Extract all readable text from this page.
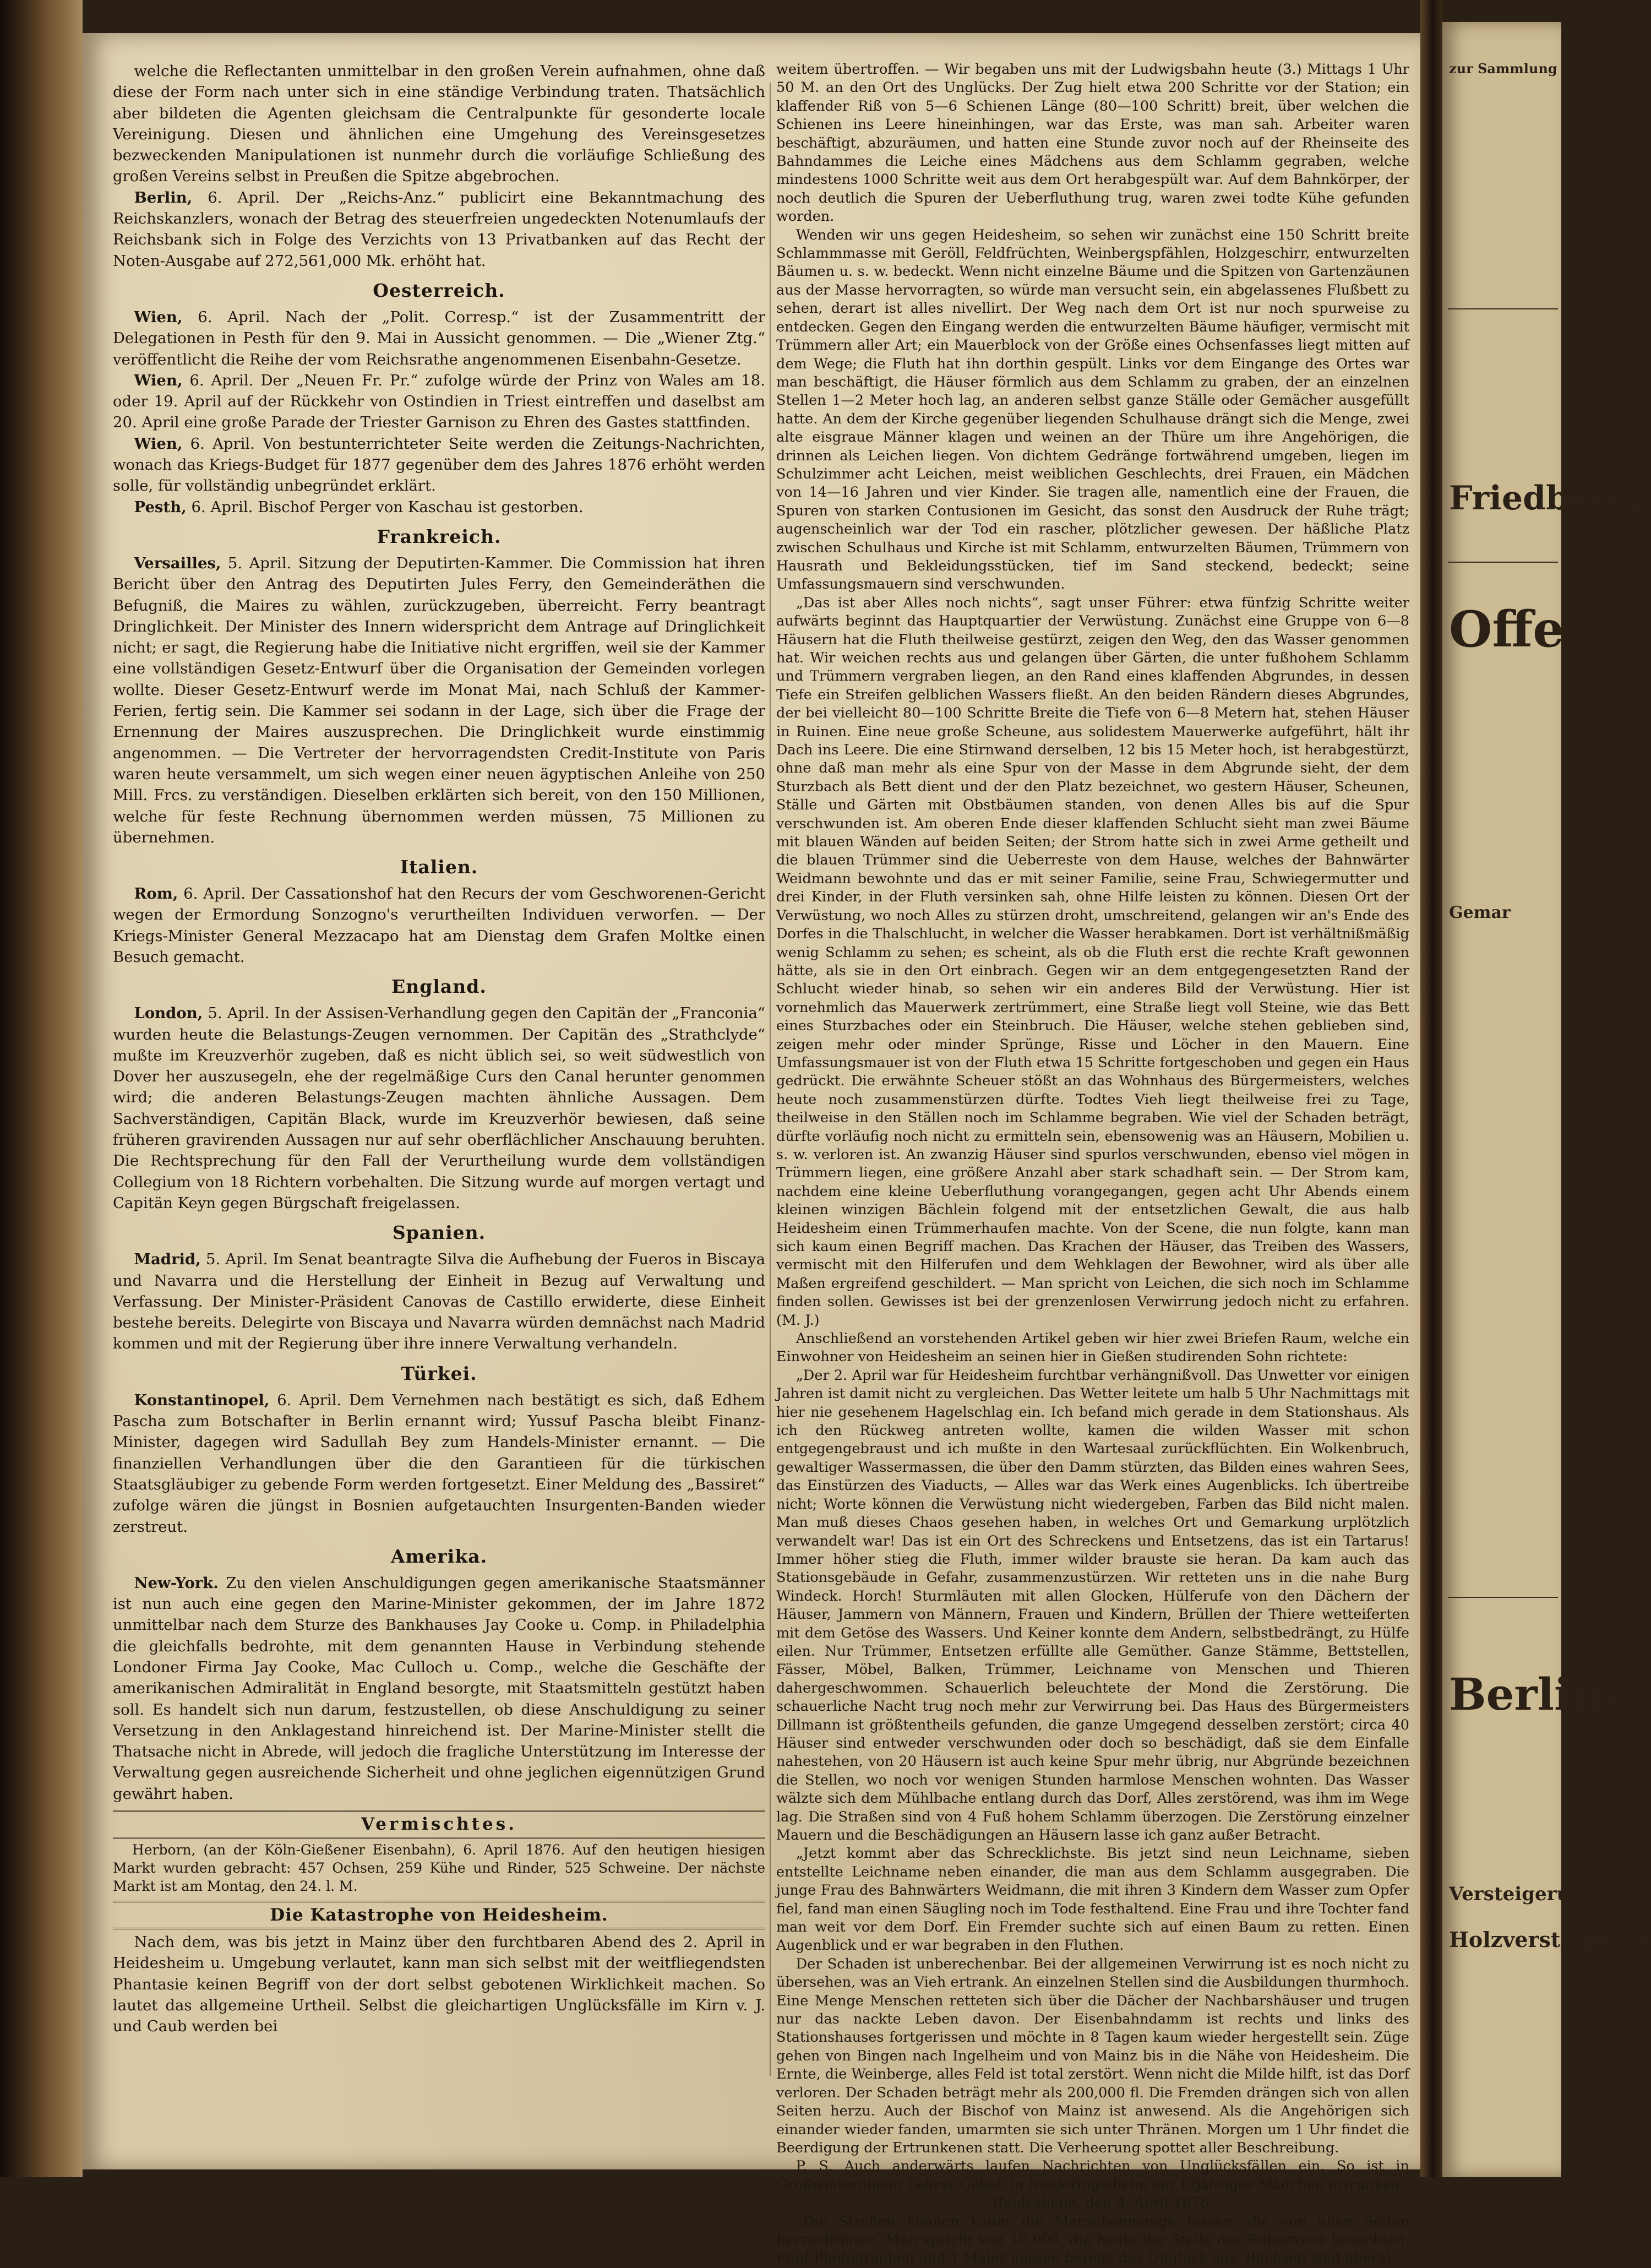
welche die Reflectanten unmittelbar in den großen Verein aufnahmen, ohne daß diese der Form nach unter sich in eine ständige Verbindung traten. Thatsächlich aber bildeten die Agenten gleichsam die Centralpunkte für gesonderte locale Vereinigung. Diesen und ähnlichen eine Umgehung des Vereinsgesetzes bezweckenden Manipulationen ist nunmehr durch die vorläufige Schließung des großen Vereins selbst in Preußen die Spitze abgebrochen.

Berlin, 6. April. Der „Reichs-Anz.“ publicirt eine Bekanntmachung des Reichskanzlers, wonach der Betrag des steuerfreien ungedeckten Notenumlaufs der Reichsbank sich in Folge des Verzichts von 13 Privatbanken auf das Recht der Noten-Ausgabe auf 272,561,000 Mk. erhöht hat.

Oesterreich.

Wien, 6. April. Nach der „Polit. Corresp.“ ist der Zusammentritt der Delegationen in Pesth für den 9. Mai in Aussicht genommen. — Die „Wiener Ztg.“ veröffentlicht die Reihe der vom Reichsrathe angenommenen Eisenbahn-Gesetze.

Wien, 6. April. Der „Neuen Fr. Pr.“ zufolge würde der Prinz von Wales am 18. oder 19. April auf der Rückkehr von Ostindien in Triest eintreffen und daselbst am 20. April eine große Parade der Triester Garnison zu Ehren des Gastes stattfinden.

Wien, 6. April. Von bestunterrichteter Seite werden die Zeitungs-Nachrichten, wonach das Kriegs-Budget für 1877 gegenüber dem des Jahres 1876 erhöht werden solle, für vollständig unbegründet erklärt.

Pesth, 6. April. Bischof Perger von Kaschau ist gestorben.

Frankreich.

Versailles, 5. April. Sitzung der Deputirten-Kammer. Die Commission hat ihren Bericht über den Antrag des Deputirten Jules Ferry, den Gemeinderäthen die Befugniß, die Maires zu wählen, zurückzugeben, überreicht. Ferry beantragt Dringlichkeit. Der Minister des Innern widerspricht dem Antrage auf Dringlichkeit nicht; er sagt, die Regierung habe die Initiative nicht ergriffen, weil sie der Kammer eine vollständigen Gesetz-Entwurf über die Organisation der Gemeinden vorlegen wollte. Dieser Gesetz-Entwurf werde im Monat Mai, nach Schluß der Kammer-Ferien, fertig sein. Die Kammer sei sodann in der Lage, sich über die Frage der Ernennung der Maires auszusprechen. Die Dringlichkeit wurde einstimmig angenommen. — Die Vertreter der hervorragendsten Credit-Institute von Paris waren heute versammelt, um sich wegen einer neuen ägyptischen Anleihe von 250 Mill. Frcs. zu verständigen. Dieselben erklärten sich bereit, von den 150 Millionen, welche für feste Rechnung übernommen werden müssen, 75 Millionen zu übernehmen.

Italien.

Rom, 6. April. Der Cassationshof hat den Recurs der vom Geschworenen-Gericht wegen der Ermordung Sonzogno's verurtheilten Individuen verworfen. — Der Kriegs-Minister General Mezzacapo hat am Dienstag dem Grafen Moltke einen Besuch gemacht.

England.

London, 5. April. In der Assisen-Verhandlung gegen den Capitän der „Franconia“ wurden heute die Belastungs-Zeugen vernommen. Der Capitän des „Strathclyde“ mußte im Kreuzverhör zugeben, daß es nicht üblich sei, so weit südwestlich von Dover her auszusegeln, ehe der regelmäßige Curs den Canal herunter genommen wird; die anderen Belastungs-Zeugen machten ähnliche Aussagen. Dem Sachverständigen, Capitän Black, wurde im Kreuzverhör bewiesen, daß seine früheren gravirenden Aussagen nur auf sehr oberflächlicher Anschauung beruhten. Die Rechtsprechung für den Fall der Verurtheilung wurde dem vollständigen Collegium von 18 Richtern vorbehalten. Die Sitzung wurde auf morgen vertagt und Capitän Keyn gegen Bürgschaft freigelassen.

Spanien.

Madrid, 5. April. Im Senat beantragte Silva die Aufhebung der Fueros in Biscaya und Navarra und die Herstellung der Einheit in Bezug auf Verwaltung und Verfassung. Der Minister-Präsident Canovas de Castillo erwiderte, diese Einheit bestehe bereits. Delegirte von Biscaya und Navarra würden demnächst nach Madrid kommen und mit der Regierung über ihre innere Verwaltung verhandeln.

Türkei.

Konstantinopel, 6. April. Dem Vernehmen nach bestätigt es sich, daß Edhem Pascha zum Botschafter in Berlin ernannt wird; Yussuf Pascha bleibt Finanz-Minister, dagegen wird Sadullah Bey zum Handels-Minister ernannt. — Die finanziellen Verhandlungen über die den Garantieen für die türkischen Staatsgläubiger zu gebende Form werden fortgesetzt. Einer Meldung des „Bassiret“ zufolge wären die jüngst in Bosnien aufgetauchten Insurgenten-Banden wieder zerstreut.

Amerika.

New-York. Zu den vielen Anschuldigungen gegen amerikanische Staatsmänner ist nun auch eine gegen den Marine-Minister gekommen, der im Jahre 1872 unmittelbar nach dem Sturze des Bankhauses Jay Cooke u. Comp. in Philadelphia die gleichfalls bedrohte, mit dem genannten Hause in Verbindung stehende Londoner Firma Jay Cooke, Mac Culloch u. Comp., welche die Geschäfte der amerikanischen Admiralität in England besorgte, mit Staatsmitteln gestützt haben soll. Es handelt sich nun darum, festzustellen, ob diese Anschuldigung zu seiner Versetzung in den Anklagestand hinreichend ist. Der Marine-Minister stellt die Thatsache nicht in Abrede, will jedoch die fragliche Unterstützung im Interesse der Verwaltung gegen ausreichende Sicherheit und ohne jeglichen eigennützigen Grund gewährt haben.

Vermischtes.

Herborn, (an der Köln-Gießener Eisenbahn), 6. April 1876. Auf den heutigen hiesigen Markt wurden gebracht: 457 Ochsen, 259 Kühe und Rinder, 525 Schweine. Der nächste Markt ist am Montag, den 24. l. M.

Die Katastrophe von Heidesheim.

Nach dem, was bis jetzt in Mainz über den furchtbaren Abend des 2. April in Heidesheim u. Umgebung verlautet, kann man sich selbst mit der weitfliegendsten Phantasie keinen Begriff von der dort selbst gebotenen Wirklichkeit machen. So lautet das allgemeine Urtheil. Selbst die gleichartigen Unglücksfälle im Kirn v. J. und Caub werden bei

weitem übertroffen. — Wir begaben uns mit der Ludwigsbahn heute (3.) Mittags 1 Uhr 50 M. an den Ort des Unglücks. Der Zug hielt etwa 200 Schritte vor der Station; ein klaffender Riß von 5—6 Schienen Länge (80—100 Schritt) breit, über welchen die Schienen ins Leere hineinhingen, war das Erste, was man sah. Arbeiter waren beschäftigt, abzuräumen, und hatten eine Stunde zuvor noch auf der Rheinseite des Bahndammes die Leiche eines Mädchens aus dem Schlamm gegraben, welche mindestens 1000 Schritte weit aus dem Ort herabgespült war. Auf dem Bahnkörper, der noch deutlich die Spuren der Ueberfluthung trug, waren zwei todte Kühe gefunden worden.

Wenden wir uns gegen Heidesheim, so sehen wir zunächst eine 150 Schritt breite Schlammmasse mit Geröll, Feldfrüchten, Weinbergspfählen, Holzgeschirr, entwurzelten Bäumen u. s. w. bedeckt. Wenn nicht einzelne Bäume und die Spitzen von Gartenzäunen aus der Masse hervorragten, so würde man versucht sein, ein abgelassenes Flußbett zu sehen, derart ist alles nivellirt. Der Weg nach dem Ort ist nur noch spurweise zu entdecken. Gegen den Eingang werden die entwurzelten Bäume häufiger, vermischt mit Trümmern aller Art; ein Mauerblock von der Größe eines Ochsenfasses liegt mitten auf dem Wege; die Fluth hat ihn dorthin gespült. Links vor dem Eingange des Ortes war man beschäftigt, die Häuser förmlich aus dem Schlamm zu graben, der an einzelnen Stellen 1—2 Meter hoch lag, an anderen selbst ganze Ställe oder Gemächer ausgefüllt hatte. An dem der Kirche gegenüber liegenden Schulhause drängt sich die Menge, zwei alte eisgraue Männer klagen und weinen an der Thüre um ihre Angehörigen, die drinnen als Leichen liegen. Von dichtem Gedränge fortwährend umgeben, liegen im Schulzimmer acht Leichen, meist weiblichen Geschlechts, drei Frauen, ein Mädchen von 14—16 Jahren und vier Kinder. Sie tragen alle, namentlich eine der Frauen, die Spuren von starken Contusionen im Gesicht, das sonst den Ausdruck der Ruhe trägt; augenscheinlich war der Tod ein rascher, plötzlicher gewesen. Der häßliche Platz zwischen Schulhaus und Kirche ist mit Schlamm, entwurzelten Bäumen, Trümmern von Hausrath und Bekleidungsstücken, tief im Sand steckend, bedeckt; seine Umfassungsmauern sind verschwunden.

„Das ist aber Alles noch nichts“, sagt unser Führer: etwa fünfzig Schritte weiter aufwärts beginnt das Hauptquartier der Verwüstung. Zunächst eine Gruppe von 6—8 Häusern hat die Fluth theilweise gestürzt, zeigen den Weg, den das Wasser genommen hat. Wir weichen rechts aus und gelangen über Gärten, die unter fußhohem Schlamm und Trümmern vergraben liegen, an den Rand eines klaffenden Abgrundes, in dessen Tiefe ein Streifen gelblichen Wassers fließt. An den beiden Rändern dieses Abgrundes, der bei vielleicht 80—100 Schritte Breite die Tiefe von 6—8 Metern hat, stehen Häuser in Ruinen. Eine neue große Scheune, aus solidestem Mauerwerke aufgeführt, hält ihr Dach ins Leere. Die eine Stirnwand derselben, 12 bis 15 Meter hoch, ist herabgestürzt, ohne daß man mehr als eine Spur von der Masse in dem Abgrunde sieht, der dem Sturzbach als Bett dient und der den Platz bezeichnet, wo gestern Häuser, Scheunen, Ställe und Gärten mit Obstbäumen standen, von denen Alles bis auf die Spur verschwunden ist. Am oberen Ende dieser klaffenden Schlucht sieht man zwei Bäume mit blauen Wänden auf beiden Seiten; der Strom hatte sich in zwei Arme getheilt und die blauen Trümmer sind die Ueberreste von dem Hause, welches der Bahnwärter Weidmann bewohnte und das er mit seiner Familie, seine Frau, Schwiegermutter und drei Kinder, in der Fluth versinken sah, ohne Hilfe leisten zu können. Diesen Ort der Verwüstung, wo noch Alles zu stürzen droht, umschreitend, gelangen wir an's Ende des Dorfes in die Thalschlucht, in welcher die Wasser herabkamen. Dort ist verhältnißmäßig wenig Schlamm zu sehen; es scheint, als ob die Fluth erst die rechte Kraft gewonnen hätte, als sie in den Ort einbrach. Gegen wir an dem entgegengesetzten Rand der Schlucht wieder hinab, so sehen wir ein anderes Bild der Verwüstung. Hier ist vornehmlich das Mauerwerk zertrümmert, eine Straße liegt voll Steine, wie das Bett eines Sturzbaches oder ein Steinbruch. Die Häuser, welche stehen geblieben sind, zeigen mehr oder minder Sprünge, Risse und Löcher in den Mauern. Eine Umfassungsmauer ist von der Fluth etwa 15 Schritte fortgeschoben und gegen ein Haus gedrückt. Die erwähnte Scheuer stößt an das Wohnhaus des Bürgermeisters, welches heute noch zusammenstürzen dürfte. Todtes Vieh liegt theilweise frei zu Tage, theilweise in den Ställen noch im Schlamme begraben. Wie viel der Schaden beträgt, dürfte vorläufig noch nicht zu ermitteln sein, ebensowenig was an Häusern, Mobilien u. s. w. verloren ist. An zwanzig Häuser sind spurlos verschwunden, ebenso viel mögen in Trümmern liegen, eine größere Anzahl aber stark schadhaft sein. — Der Strom kam, nachdem eine kleine Ueberfluthung vorangegangen, gegen acht Uhr Abends einem kleinen winzigen Bächlein folgend mit der entsetzlichen Gewalt, die aus halb Heidesheim einen Trümmerhaufen machte. Von der Scene, die nun folgte, kann man sich kaum einen Begriff machen. Das Krachen der Häuser, das Treiben des Wassers, vermischt mit den Hilferufen und dem Wehklagen der Bewohner, wird als über alle Maßen ergreifend geschildert. — Man spricht von Leichen, die sich noch im Schlamme finden sollen. Gewisses ist bei der grenzenlosen Verwirrung jedoch nicht zu erfahren. (M. J.)

Anschließend an vorstehenden Artikel geben wir hier zwei Briefen Raum, welche ein Einwohner von Heidesheim an seinen hier in Gießen studirenden Sohn richtete:

„Der 2. April war für Heidesheim furchtbar verhängnißvoll. Das Unwetter vor einigen Jahren ist damit nicht zu vergleichen. Das Wetter leitete um halb 5 Uhr Nachmittags mit hier nie gesehenem Hagelschlag ein. Ich befand mich gerade in dem Stationshaus. Als ich den Rückweg antreten wollte, kamen die wilden Wasser mit schon entgegengebraust und ich mußte in den Wartesaal zurückflüchten. Ein Wolkenbruch, gewaltiger Wassermassen, die über den Damm stürzten, das Bilden eines wahren Sees, das Einstürzen des Viaducts, — Alles war das Werk eines Augenblicks. Ich übertreibe nicht; Worte können die Verwüstung nicht wiedergeben, Farben das Bild nicht malen. Man muß dieses Chaos gesehen haben, in welches Ort und Gemarkung urplötzlich verwandelt war! Das ist ein Ort des Schreckens und Entsetzens, das ist ein Tartarus! Immer höher stieg die Fluth, immer wilder brauste sie heran. Da kam auch das Stationsgebäude in Gefahr, zusammenzustürzen. Wir retteten uns in die nahe Burg Windeck. Horch! Sturmläuten mit allen Glocken, Hülferufe von den Dächern der Häuser, Jammern von Männern, Frauen und Kindern, Brüllen der Thiere wetteiferten mit dem Getöse des Wassers. Und Keiner konnte dem Andern, selbstbedrängt, zu Hülfe eilen. Nur Trümmer, Entsetzen erfüllte alle Gemüther. Ganze Stämme, Bettstellen, Fässer, Möbel, Balken, Trümmer, Leichname von Menschen und Thieren dahergeschwommen. Schauerlich beleuchtete der Mond die Zerstörung. Die schauerliche Nacht trug noch mehr zur Verwirrung bei. Das Haus des Bürgermeisters Dillmann ist größtentheils gefunden, die ganze Umgegend desselben zerstört; circa 40 Häuser sind entweder verschwunden oder doch so beschädigt, daß sie dem Einfalle nahestehen, von 20 Häusern ist auch keine Spur mehr übrig, nur Abgründe bezeichnen die Stellen, wo noch vor wenigen Stunden harmlose Menschen wohnten. Das Wasser wälzte sich dem Mühlbache entlang durch das Dorf, Alles zerstörend, was ihm im Wege lag. Die Straßen sind von 4 Fuß hohem Schlamm überzogen. Die Zerstörung einzelner Mauern und die Beschädigungen an Häusern lasse ich ganz außer Betracht.

„Jetzt kommt aber das Schrecklichste. Bis jetzt sind neun Leichname, sieben entstellte Leichname neben einander, die man aus dem Schlamm ausgegraben. Die junge Frau des Bahnwärters Weidmann, die mit ihren 3 Kindern dem Wasser zum Opfer fiel, fand man einen Säugling noch im Tode festhaltend. Eine Frau und ihre Tochter fand man weit vor dem Dorf. Ein Fremder suchte sich auf einen Baum zu retten. Einen Augenblick und er war begraben in den Fluthen.

Der Schaden ist unberechenbar. Bei der allgemeinen Verwirrung ist es noch nicht zu übersehen, was an Vieh ertrank. An einzelnen Stellen sind die Ausbildungen thurmhoch. Eine Menge Menschen retteten sich über die Dächer der Nachbarshäuser und trugen nur das nackte Leben davon. Der Eisenbahndamm ist rechts und links des Stationshauses fortgerissen und möchte in 8 Tagen kaum wieder hergestellt sein. Züge gehen von Bingen nach Ingelheim und von Mainz bis in die Nähe von Heidesheim. Die Ernte, die Weinberge, alles Feld ist total zerstört. Wenn nicht die Milde hilft, ist das Dorf verloren. Der Schaden beträgt mehr als 200,000 fl. Die Fremden drängen sich von allen Seiten herzu. Auch der Bischof von Mainz ist anwesend. Als die Angehörigen sich einander wieder fanden, umarmten sie sich unter Thränen. Morgen um 1 Uhr findet die Beerdigung der Ertrunkenen statt. Die Verheerung spottet aller Beschreibung.

P. S. Auch anderwärts laufen Nachrichten von Unglücksfällen ein. So ist in Großwinternheim Lehrer Göbel, in Niederingelheim ein 17jähriges Mädchen ertrunken.

Heidesheim, den 4. April 1876.

„Die Straßen können kaum die Menschenmenge fassen, die von allen Seiten herzuströmen. Man spricht von 10,000, die heute die Stelle des Entsetzens besuchten. Fünf Photographen und 1 Maler nussen bereits das Unglück aus. Büchsen sind überal

zur Sammlung von Beiträ
Friedberg,
Offe
Gemar
Berlin-
Versteigerungen.
Holzversteigerun
